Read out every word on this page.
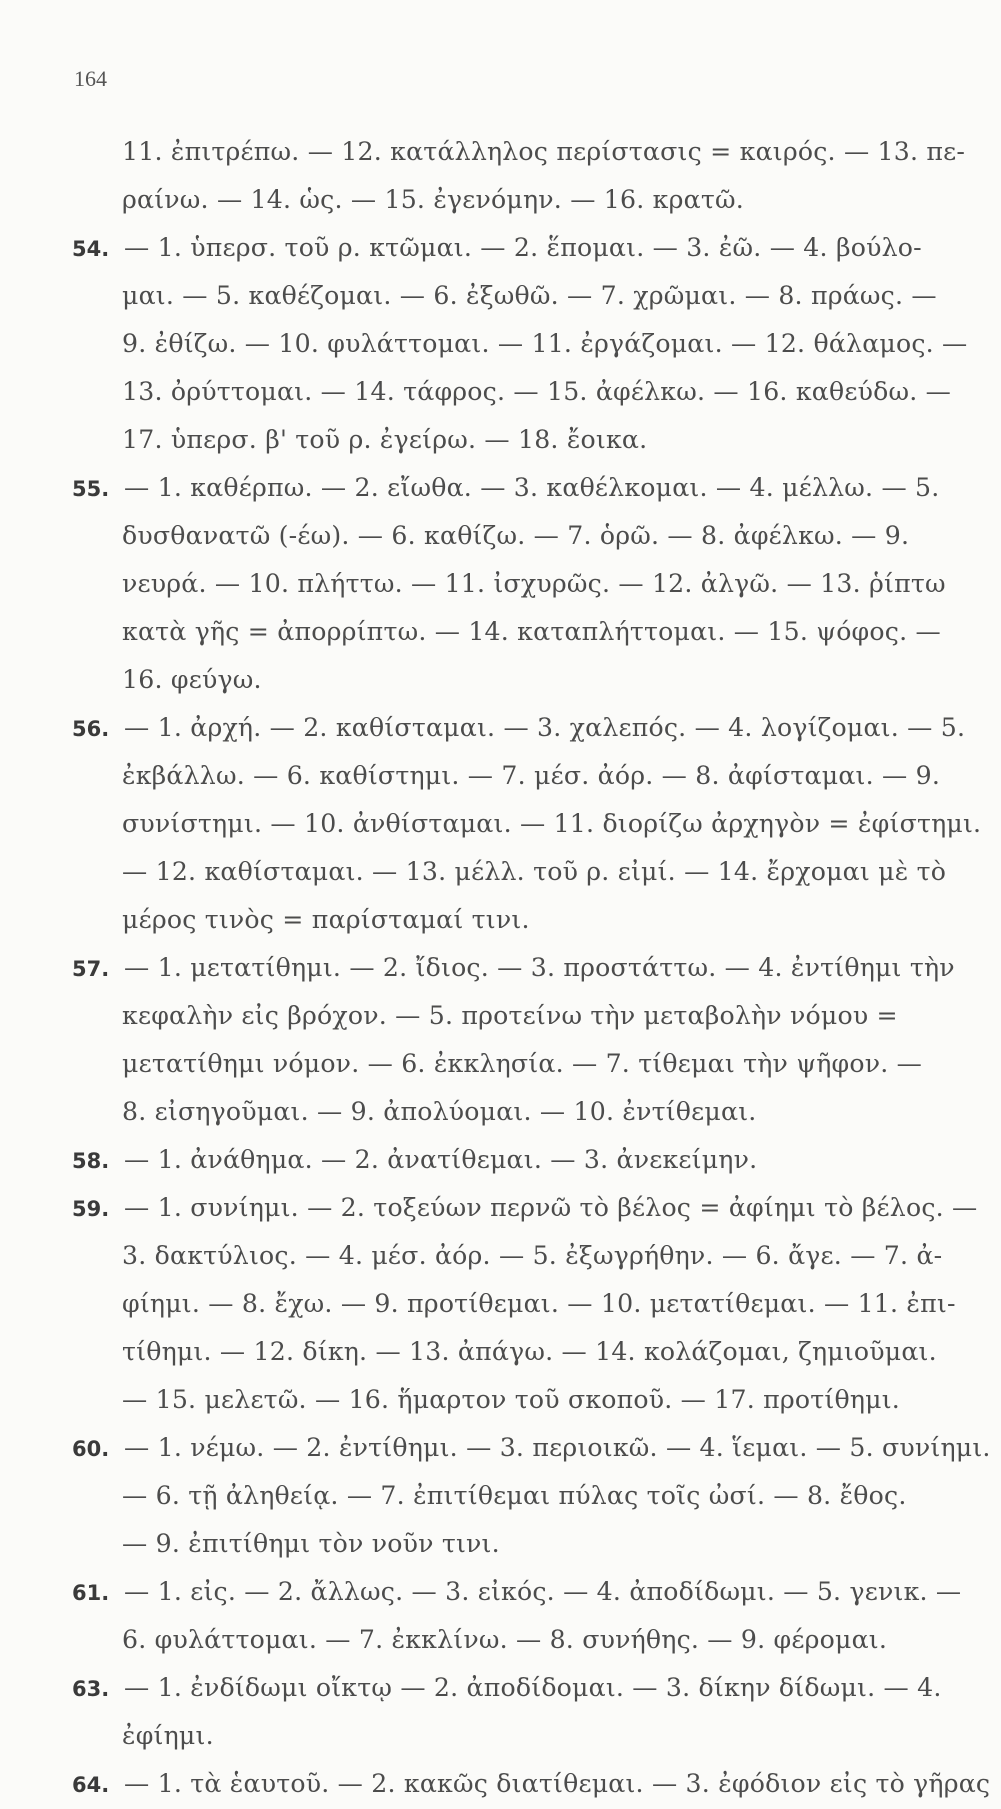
164
11. ἐπιτρέπω. — 12. κατάλληλος περίστασις = καιρός. — 13. πε-
ραίνω. — 14. ὡς. — 15. ἐγενόμην. — 16. κρατῶ.
54. — 1. ὑπερσ. τοῦ ρ. κτῶμαι. — 2. ἕπομαι. — 3. ἐῶ. — 4. βούλο-
μαι. — 5. καθέζομαι. — 6. ἐξωθῶ. — 7. χρῶμαι. — 8. πράως. —
9. ἐθίζω. — 10. φυλάττομαι. — 11. ἐργάζομαι. — 12. θάλαμος. —
13. ὀρύττομαι. — 14. τάφρος. — 15. ἀφέλκω. — 16. καθεύδω. —
17. ὑπερσ. β' τοῦ ρ. ἐγείρω. — 18. ἔοικα.
55. — 1. καθέρπω. — 2. εἴωθα. — 3. καθέλκομαι. — 4. μέλλω. — 5.
δυσθανατῶ (-έω). — 6. καθίζω. — 7. ὁρῶ. — 8. ἀφέλκω. — 9.
νευρά. — 10. πλήττω. — 11. ἰσχυρῶς. — 12. ἀλγῶ. — 13. ῥίπτω
κατὰ γῆς = ἀπορρίπτω. — 14. καταπλήττομαι. — 15. ψόφος. —
16. φεύγω.
56. — 1. ἀρχή. — 2. καθίσταμαι. — 3. χαλεπός. — 4. λογίζομαι. — 5.
ἐκβάλλω. — 6. καθίστημι. — 7. μέσ. ἀόρ. — 8. ἀφίσταμαι. — 9.
συνίστημι. — 10. ἀνθίσταμαι. — 11. διορίζω ἀρχηγὸν = ἐφίστημι.
— 12. καθίσταμαι. — 13. μέλλ. τοῦ ρ. εἰμί. — 14. ἔρχομαι μὲ τὸ
μέρος τινὸς = παρίσταμαί τινι.
57. — 1. μετατίθημι. — 2. ἴδιος. — 3. προστάττω. — 4. ἐντίθημι τὴν
κεφαλὴν εἰς βρόχον. — 5. προτείνω τὴν μεταβολὴν νόμου =
μετατίθημι νόμον. — 6. ἐκκλησία. — 7. τίθεμαι τὴν ψῆφον. —
8. εἰσηγοῦμαι. — 9. ἀπολύομαι. — 10. ἐντίθεμαι.
58. — 1. ἀνάθημα. — 2. ἀνατίθεμαι. — 3. ἀνεκείμην.
59. — 1. συνίημι. — 2. τοξεύων περνῶ τὸ βέλος = ἀφίημι τὸ βέλος. —
3. δακτύλιος. — 4. μέσ. ἀόρ. — 5. ἐξωγρήθην. — 6. ἄγε. — 7. ἀ-
φίημι. — 8. ἔχω. — 9. προτίθεμαι. — 10. μετατίθεμαι. — 11. ἐπι-
τίθημι. — 12. δίκη. — 13. ἀπάγω. — 14. κολάζομαι, ζημιοῦμαι.
— 15. μελετῶ. — 16. ἥμαρτον τοῦ σκοποῦ. — 17. προτίθημι.
60. — 1. νέμω. — 2. ἐντίθημι. — 3. περιοικῶ. — 4. ἵεμαι. — 5. συνίημι.
— 6. τῇ ἀληθείᾳ. — 7. ἐπιτίθεμαι πύλας τοῖς ὠσί. — 8. ἔθος.
— 9. ἐπιτίθημι τὸν νοῦν τινι.
61. — 1. εἰς. — 2. ἄλλως. — 3. εἰκός. — 4. ἀποδίδωμι. — 5. γενικ. —
6. φυλάττομαι. — 7. ἐκκλίνω. — 8. συνήθης. — 9. φέρομαι.
63. — 1. ἐνδίδωμι οἴκτῳ — 2. ἀποδίδομαι. — 3. δίκην δίδωμι. — 4.
ἐφίημι.
64. — 1. τὰ ἑαυτοῦ. — 2. κακῶς διατίθεμαι. — 3. ἐφόδιον εἰς τὸ γῆρας
